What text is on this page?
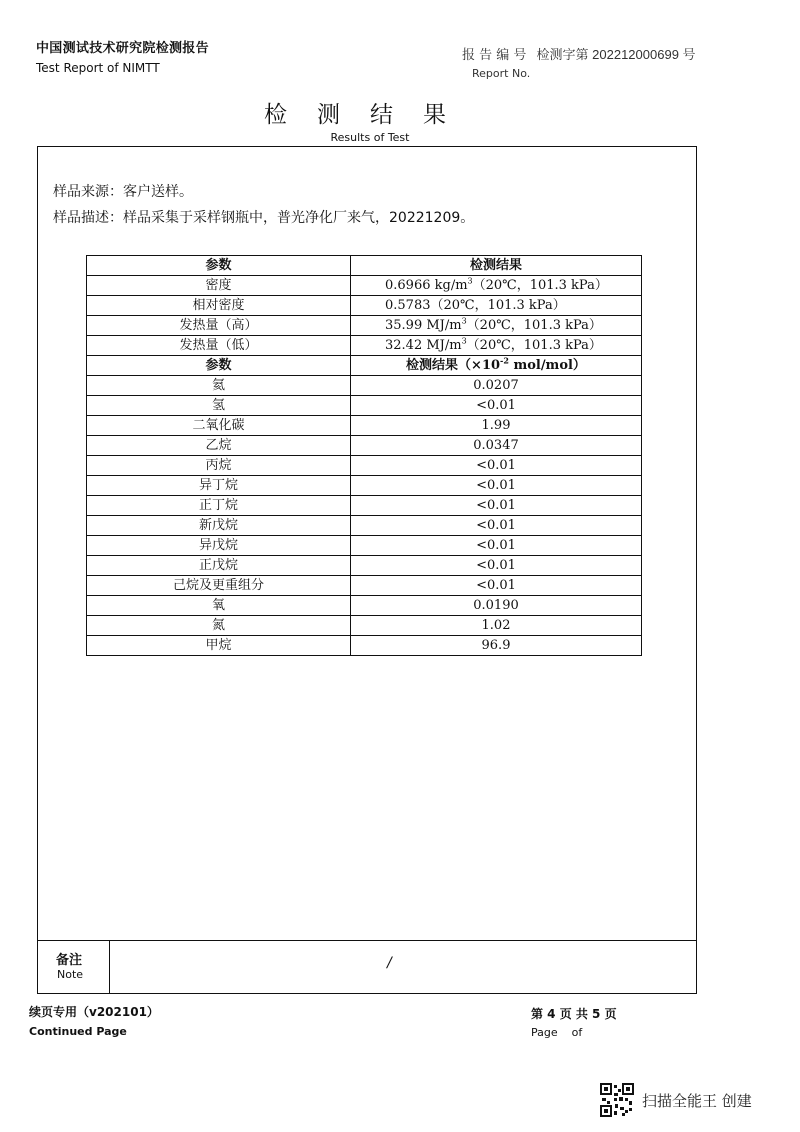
中国测试技术研究院检测报告
Test Report of NIMTT
报 告 编 号 检测字第 202212000699 号
Report No.
检测结果
Results of Test
样品来源：客户送样。
样品描述：样品采集于采样钢瓶中，普光净化厂来气，20221209。
参数	检测结果
密度	0.6966 $kg/m^3(20℃$，101.3 kPa）
相对密度	0.5783（20℃，101.3 kPa）
发热量（高）	35.99 $MJ/m^3(20℃$，101.3 kPa）
发热量（低）	32.42 $MJ/m^3(20℃$，101.3 kPa）
参数	检测结果（$\times 10^{-2}$ mol/mol）
氦	0.0207
氢	<0.01
二氧化碳	1.99
乙烷	0.0347
丙烷	<0.01
异丁烷	<0.01
正丁烷	<0.01
新戊烷	<0.01
异戊烷	<0.01
正戊烷	<0.01
己烷及更重组分	<0.01
氧	0.0190
氮	1.02
甲烷	96.9
备注
Note
/
续页专用（v202101）
Continued Page
第 4 页 共 5 页
Page    of
扫描全能王 创建
